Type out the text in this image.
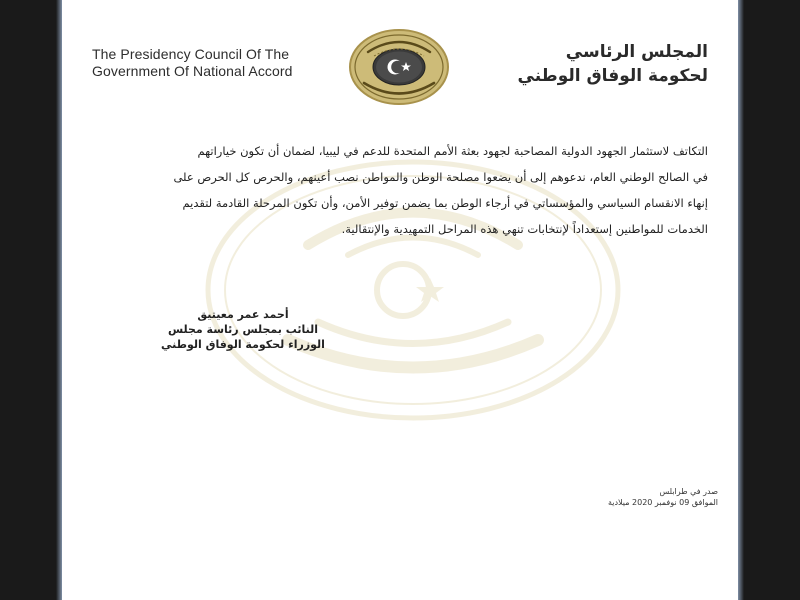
The Presidency Council Of The
Government Of National Accord
المجلس الرئاسي
لحكومة الوفاق الوطني
التكاتف لاستثمار الجهود الدولية المصاحبة لجهود بعثة الأمم المتحدة للدعم في ليبيا، لضمان أن تكون خياراتهم
في الصالح الوطني العام، ندعوهم إلى أن يضعوا مصلحة الوطن والمواطن نصب أعينهم، والحرص كل الحرص على
إنهاء الانقسام السياسي والمؤسساتي في أرجاء الوطن بما يضمن توفير الأمن، وأن تكون المرحلة القادمة لتقديم
الخدمات للمواطنين إستعداداً لإنتخابات تنهي هذه المراحل التمهيدية والإنتقالية.
أحمد عمر معيتيق
النائب بمجلس رئاسة مجلس
الوزراء لحكومة الوفاق الوطني
صدر في طرابلس
الموافق 09 نوفمبر 2020 ميلادية
